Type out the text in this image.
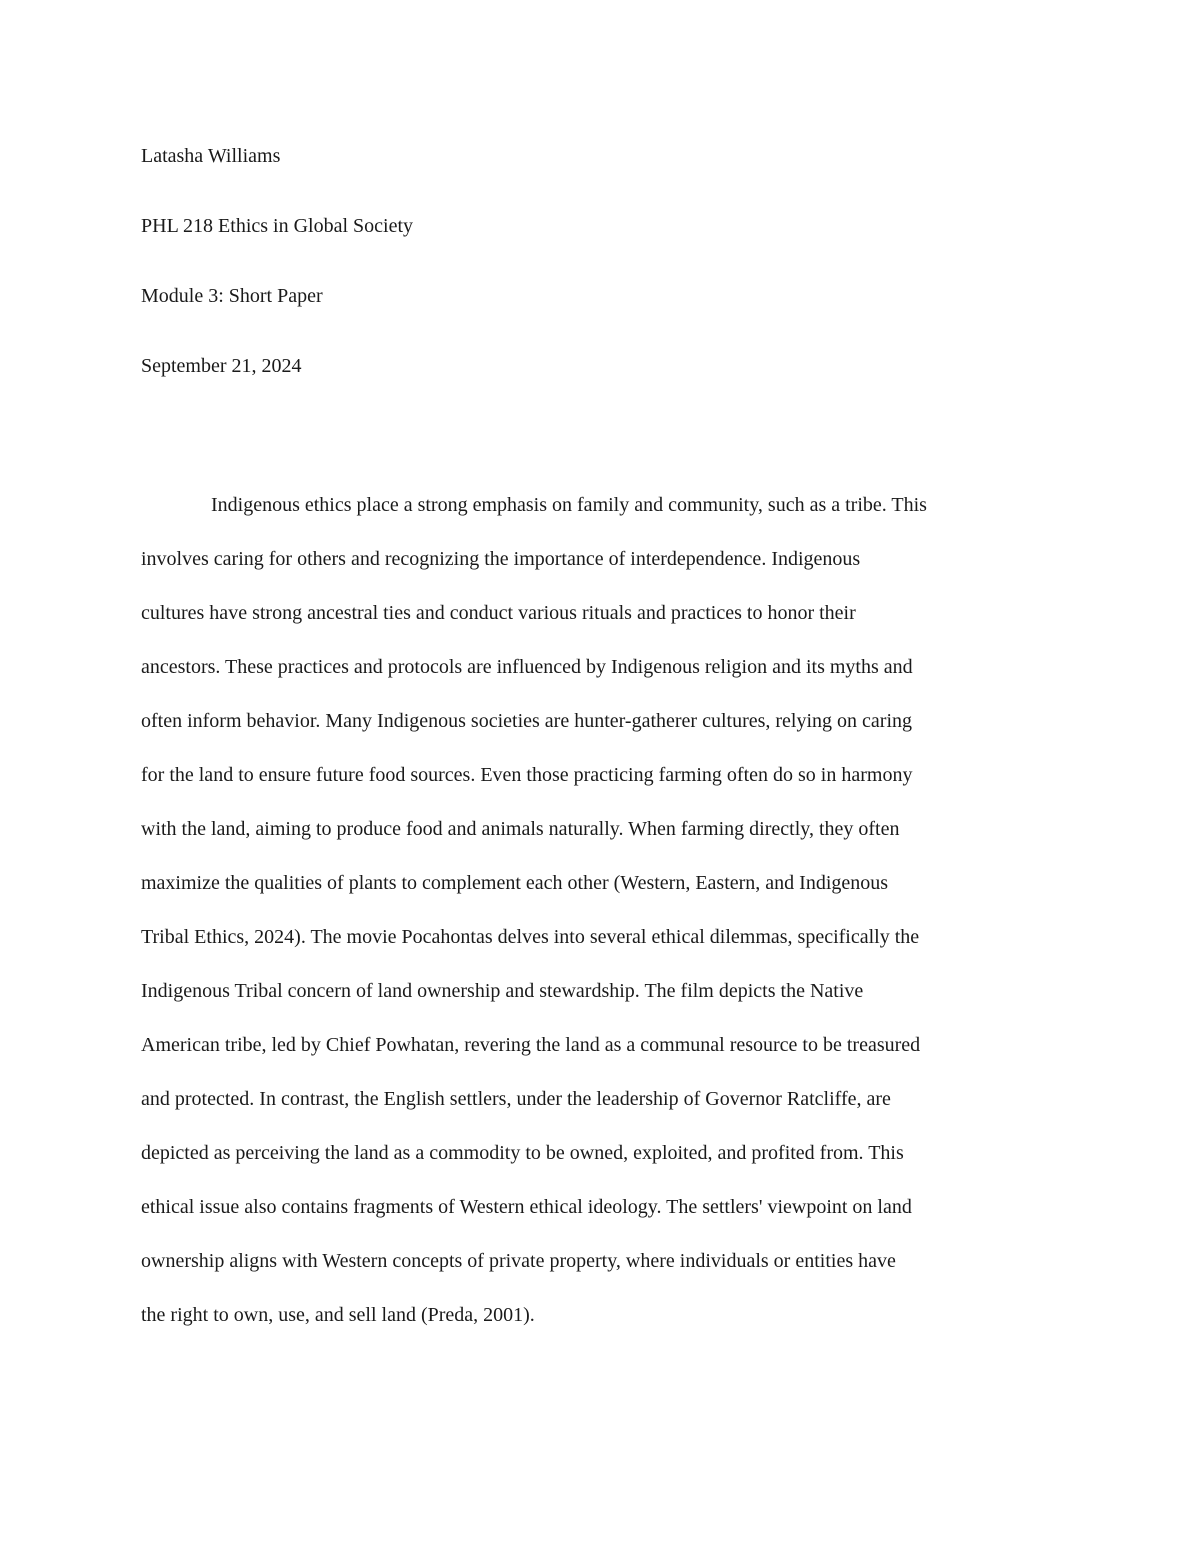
Latasha Williams
PHL 218 Ethics in Global Society
Module 3: Short Paper
September 21, 2024
Indigenous ethics place a strong emphasis on family and community, such as a tribe. This
involves caring for others and recognizing the importance of interdependence. Indigenous
cultures have strong ancestral ties and conduct various rituals and practices to honor their
ancestors. These practices and protocols are influenced by Indigenous religion and its myths and
often inform behavior. Many Indigenous societies are hunter-gatherer cultures, relying on caring
for the land to ensure future food sources. Even those practicing farming often do so in harmony
with the land, aiming to produce food and animals naturally. When farming directly, they often
maximize the qualities of plants to complement each other (Western, Eastern, and Indigenous
Tribal Ethics, 2024). The movie Pocahontas delves into several ethical dilemmas, specifically the
Indigenous Tribal concern of land ownership and stewardship. The film depicts the Native
American tribe, led by Chief Powhatan, revering the land as a communal resource to be treasured
and protected. In contrast, the English settlers, under the leadership of Governor Ratcliffe, are
depicted as perceiving the land as a commodity to be owned, exploited, and profited from. This
ethical issue also contains fragments of Western ethical ideology. The settlers' viewpoint on land
ownership aligns with Western concepts of private property, where individuals or entities have
the right to own, use, and sell land (Preda, 2001).
